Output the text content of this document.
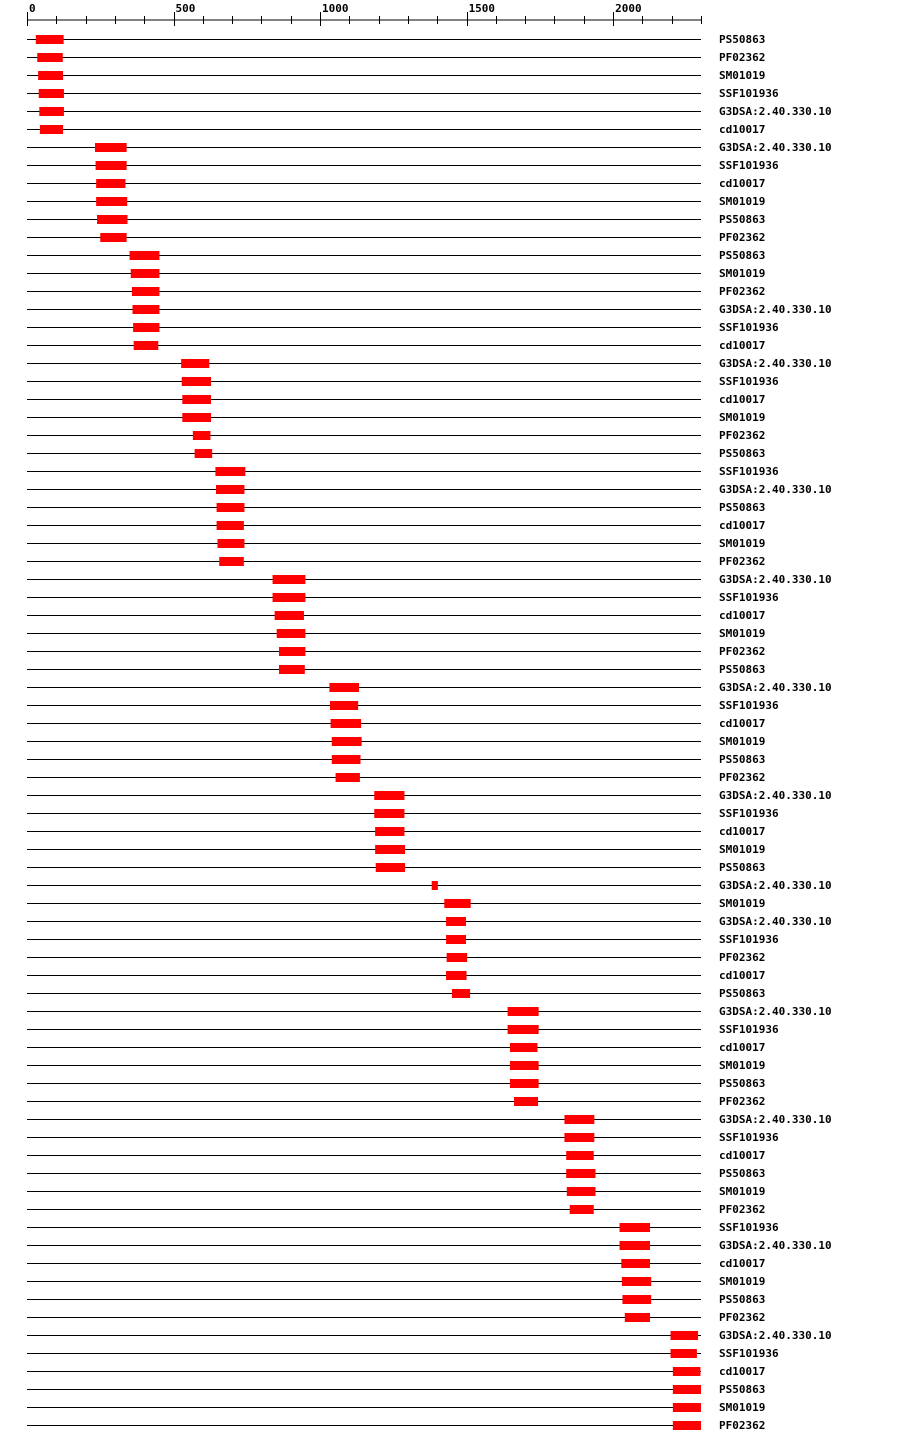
0	500	1000	1500	2000
PS50863
PF02362
SM01019
SSF101936
G3DSA:2.40.330.10
cd10017
G3DSA:2.40.330.10
SSF101936
cd10017
SM01019
PS50863
PF02362
PS50863
SM01019
PF02362
G3DSA:2.40.330.10
SSF101936
cd10017
G3DSA:2.40.330.10
SSF101936
cd10017
SM01019
PF02362
PS50863
SSF101936
G3DSA:2.40.330.10
PS50863
cd10017
SM01019
PF02362
G3DSA:2.40.330.10
SSF101936
cd10017
SM01019
PF02362
PS50863
G3DSA:2.40.330.10
SSF101936
cd10017
SM01019
PS50863
PF02362
G3DSA:2.40.330.10
SSF101936
cd10017
SM01019
PS50863
G3DSA:2.40.330.10
SM01019
G3DSA:2.40.330.10
SSF101936
PF02362
cd10017
PS50863
G3DSA:2.40.330.10
SSF101936
cd10017
SM01019
PS50863
PF02362
G3DSA:2.40.330.10
SSF101936
cd10017
PS50863
SM01019
PF02362
SSF101936
G3DSA:2.40.330.10
cd10017
SM01019
PS50863
PF02362
G3DSA:2.40.330.10
SSF101936
cd10017
PS50863
SM01019
PF02362
